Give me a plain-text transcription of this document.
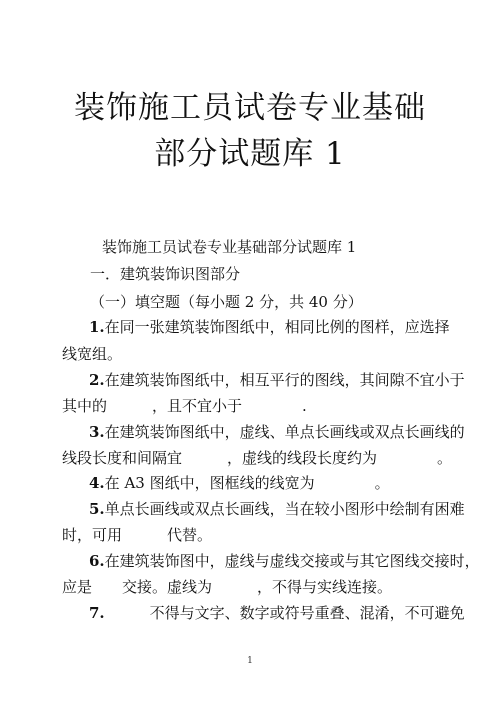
装饰施工员试卷专业基础
部分试题库 1
装饰施工员试卷专业基础部分试题库 1
一．建筑装饰识图部分
（一）填空题（每小题 2 分，共 40 分）
1.在同一张建筑装饰图纸中，相同比例的图样，应选择
线宽组。
2.在建筑装饰图纸中，相互平行的图线，其间隙不宜小于
其中的　　　，且不宜小于　　　　.
3.在建筑装饰图纸中，虚线、单点长画线或双点长画线的
线段长度和间隔宜　　　，虚线的线段长度约为　　　　。
4.在 A3 图纸中，图框线的线宽为　　　　。
5.单点长画线或双点长画线，当在较小图形中绘制有困难
时，可用　　　代替。
6.在建筑装饰图中，虚线与虚线交接或与其它图线交接时，
应是　　交接。虚线为　　　，不得与实线连接。
7.　　　不得与文字、数字或符号重叠、混淆，不可避免
1
